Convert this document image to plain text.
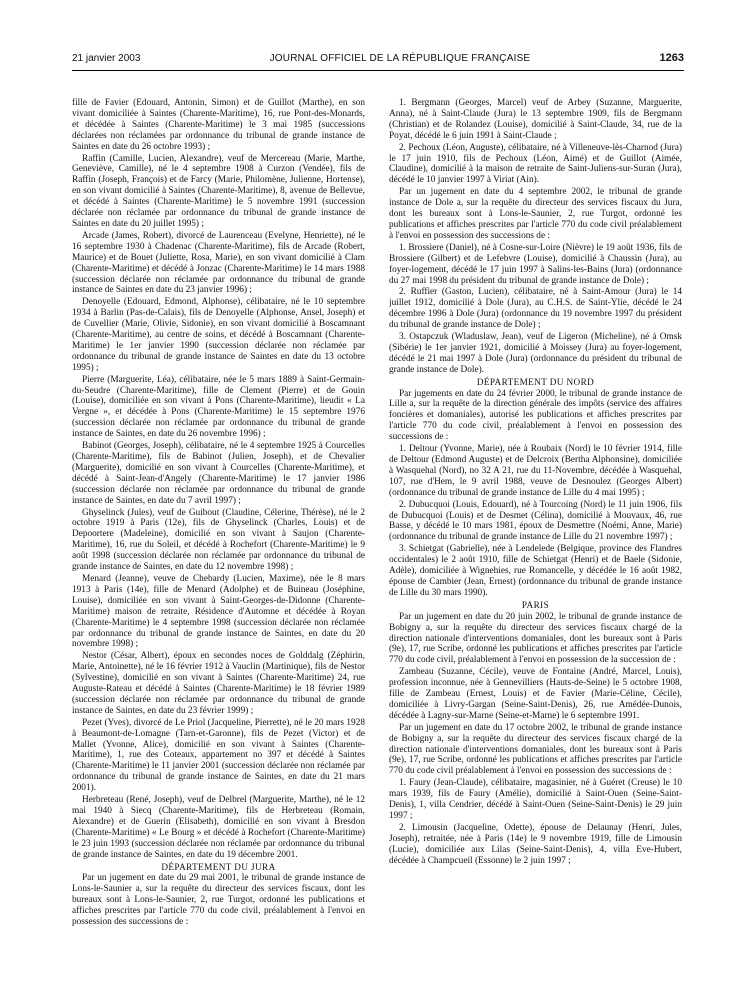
21 janvier 2003	JOURNAL OFFICIEL DE LA RÉPUBLIQUE FRANÇAISE	1263

fille de Favier (Edouard, Antonin, Simon) et de Guillot (Marthe), en son vivant domiciliée à Saintes (Charente-Maritime), 16, rue Pont-des-Monards, et décédée à Saintes (Charente-Maritime) le 3 mai 1985 (successions déclarées non réclamées par ordonnance du tribunal de grande instance de Saintes en date du 26 octobre 1993) ;

Raffin (Camille, Lucien, Alexandre), veuf de Mercereau (Marie, Marthe, Geneviève, Camille), né le 4 septembre 1908 à Curzon (Vendée), fils de Raffin (Joseph, François) et de Farcy (Marie, Philomène, Julienne, Hortense), en son vivant domicilié à Saintes (Charente-Maritime), 8, avenue de Bellevue, et décédé à Saintes (Charente-Maritime) le 5 novembre 1991 (succession déclarée non réclamée par ordonnance du tribunal de grande instance de Saintes en date du 20 juillet 1995) ;

Arcade (James, Robert), divorcé de Laurenceau (Evelyne, Henriette), né le 16 septembre 1930 à Chadenac (Charente-Maritime), fils de Arcade (Robert, Maurice) et de Bouet (Juliette, Rosa, Marie), en son vivant domicilié à Clam (Charente-Maritime) et décédé à Jonzac (Charente-Maritime) le 14 mars 1988 (succession déclarée non réclamée par ordonnance du tribunal de grande instance de Saintes en date du 23 janvier 1996) ;

Denoyelle (Edouard, Edmond, Alphonse), célibataire, né le 10 septembre 1934 à Barlin (Pas-de-Calais), fils de Denoyelle (Alphonse, Ansel, Joseph) et de Cuvellier (Marie, Olivie, Sidonie), en son vivant domicilié à Boscamnant (Charente-Maritime), au centre de soins, et décédé à Boscamnant (Charente-Maritime) le 1er janvier 1990 (succession déclarée non réclamée par ordonnance du tribunal de grande instance de Saintes en date du 13 octobre 1995) ;

Pierre (Marguerite, Léa), célibataire, née le 5 mars 1889 à Saint-Germain-du-Seudre (Charente-Maritime), fille de Clement (Pierre) et de Gouin (Louise), domiciliée en son vivant à Pons (Charente-Maritime), lieudit « La Vergne », et décédée à Pons (Charente-Maritime) le 15 septembre 1976 (succession déclarée non réclamée par ordonnance du tribunal de grande instance de Saintes, en date du 26 novembre 1996) ;

Babinot (Georges, Joseph), célibataire, né le 4 septembre 1925 à Courcelles (Charente-Maritime), fils de Babinot (Julien, Joseph), et de Chevalier (Marguerite), domicilié en son vivant à Courcelles (Charente-Maritime), et décédé à Saint-Jean-d'Angely (Charente-Maritime) le 17 janvier 1986 (succession déclarée non réclamée par ordonnance du tribunal de grande instance de Saintes, en date du 7 avril 1997) ;

Ghyselinck (Jules), veuf de Guibout (Claudine, Célerine, Thérèse), né le 2 octobre 1919 à Paris (12e), fils de Ghyselinck (Charles, Louis) et de Depoortere (Madeleine), domicilié en son vivant à Saujon (Charente-Maritime), 16, rue du Soleil, et décédé à Rochefort (Charente-Maritime) le 9 août 1998 (succession déclarée non réclamée par ordonnance du tribunal de grande instance de Saintes, en date du 12 novembre 1998) ;

Menard (Jeanne), veuve de Chebardy (Lucien, Maxime), née le 8 mars 1913 à Paris (14e), fille de Menard (Adolphe) et de Buineau (Joséphine, Louise), domiciliée en son vivant à Saint-Georges-de-Didonne (Charente-Maritime) maison de retraite, Résidence d'Automne et décédée à Royan (Charente-Maritime) le 4 septembre 1998 (succession déclarée non réclamée par ordonnance du tribunal de grande instance de Saintes, en date du 20 novembre 1998) ;

Nestor (César, Albert), époux en secondes noces de Golddalg (Zéphirin, Marie, Antoinette), né le 16 février 1912 à Vauclin (Martinique), fils de Nestor (Sylvestine), domicilié en son vivant à Saintes (Charente-Maritime) 24, rue Auguste-Rateau et décédé à Saintes (Charente-Maritime) le 18 février 1989 (succession déclarée non réclamée par ordonnance du tribunal de grande instance de Saintes, en date du 23 février 1999) ;

Pezet (Yves), divorcé de Le Priol (Jacqueline, Pierrette), né le 20 mars 1928 à Beaumont-de-Lomagne (Tarn-et-Garonne), fils de Pezet (Victor) et de Mallet (Yvonne, Alice), domicilié en son vivant à Saintes (Charente-Maritime), 1, rue des Coteaux, appartement no 397 et décédé à Saintes (Charente-Maritime) le 11 janvier 2001 (succession déclarée non réclamée par ordonnance du tribunal de grande instance de Saintes, en date du 21 mars 2001).

Herbreteau (René, Joseph), veuf de Delbrel (Marguerite, Marthe), né le 12 mai 1940 à Siecq (Charente-Maritime), fils de Herbreteau (Romain, Alexandre) et de Guerin (Elisabeth), domicilié en son vivant à Bresdon (Charente-Maritime) « Le Bourg » et décédé à Rochefort (Charente-Maritime) le 23 juin 1993 (succession déclarée non réclamée par ordonnance du tribunal de grande instance de Saintes, en date du 19 décembre 2001.

DÉPARTEMENT DU JURA

Par un jugement en date du 29 mai 2001, le tribunal de grande instance de Lons-le-Saunier a, sur la requête du directeur des services fiscaux, dont les bureaux sont à Lons-le-Saunier, 2, rue Turgot, ordonné les publications et affiches prescrites par l'article 770 du code civil, préalablement à l'envoi en possession des successions de :

1. Bergmann (Georges, Marcel) veuf de Arbey (Suzanne, Marguerite, Anna), né à Saint-Claude (Jura) le 13 septembre 1909, fils de Bergmann (Christian) et de Rolandez (Louise), domicilié à Saint-Claude, 34, rue de la Poyat, décédé le 6 juin 1991 à Saint-Claude ;

2. Pechoux (Léon, Auguste), célibataire, né à Villeneuve-lès-Charnod (Jura) le 17 juin 1910, fils de Pechoux (Léon, Aimé) et de Guillot (Aimée, Claudine), domicilié à la maison de retraite de Saint-Juliens-sur-Suran (Jura), décédé le 10 janvier 1997 à Viriat (Ain).

Par un jugement en date du 4 septembre 2002, le tribunal de grande instance de Dole a, sur la requête du directeur des services fiscaux du Jura, dont les bureaux sont à Lons-le-Saunier, 2, rue Turgot, ordonné les publications et affiches prescrites par l'article 770 du code civil préalablement à l'envoi en possession des successions de :

1. Brossiere (Daniel), né à Cosne-sur-Loire (Nièvre) le 19 août 1936, fils de Brossiere (Gilbert) et de Lefebvre (Louise), domicilié à Chaussin (Jura), au foyer-logement, décédé le 17 juin 1997 à Salins-les-Bains (Jura) (ordonnance du 27 mai 1998 du président du tribunal de grande instance de Dole) ;

2. Ruffier (Gaston, Lucien), célibataire, né à Saint-Amour (Jura) le 14 juillet 1912, domicilié à Dole (Jura), au C.H.S. de Saint-Ylie, décédé le 24 décembre 1996 à Dole (Jura) (ordonnance du 19 novembre 1997 du président du tribunal de grande instance de Dole) ;

3. Ostapczuk (Wladuslaw, Jean), veuf de Ligeron (Micheline), né à Omsk (Sibérie) le 1er janvier 1921, domicilié à Moissey (Jura) au foyer-logement, décédé le 21 mai 1997 à Dole (Jura) (ordonnance du président du tribunal de grande instance de Dole).

DÉPARTEMENT DU NORD

Par jugements en date du 24 février 2000, le tribunal de grande instance de Lille a, sur la requête de la direction générale des impôts (service des affaires foncières et domaniales), autorisé les publications et affiches prescrites par l'article 770 du code civil, préalablement à l'envoi en possession des successions de :

1. Deltour (Yvonne, Marie), née à Roubaix (Nord) le 10 février 1914, fille de Deltour (Edmond Auguste) et de Delcroix (Bertha Alphonsine), domiciliée à Wasquehal (Nord), no 32 A 21, rue du 11-Novembre, décédée à Wasquehal, 107, rue d'Hem, le 9 avril 1988, veuve de Desnoulez (Georges Albert) (ordonnance du tribunal de grande instance de Lille du 4 mai 1995) ;

2. Dubucquoi (Louis, Edouard), né à Tourcoing (Nord) le 11 juin 1906, fils de Dubucquoi (Louis) et de Desmet (Célina), domicilié à Mouvaux, 46, rue Basse, y décédé le 10 mars 1981, époux de Desmettre (Noémi, Anne, Marie) (ordonnance du tribunal de grande instance de Lille du 21 novembre 1997) ;

3. Schietgat (Gabrielle), née à Lendelede (Belgique, province des Flandres occidentales) le 2 août 1910, fille de Schietgat (Henri) et de Baele (Sidonie, Adèle), domiciliée à Wignehies, rue Romancelle, y décédée le 16 août 1982, épouse de Cambier (Jean, Ernest) (ordonnance du tribunal de grande instance de Lille du 30 mars 1990).

PARIS

Par un jugement en date du 20 juin 2002, le tribunal de grande instance de Bobigny a, sur la requête du directeur des services fiscaux chargé de la direction nationale d'interventions domaniales, dont les bureaux sont à Paris (9e), 17, rue Scribe, ordonné les publications et affiches prescrites par l'article 770 du code civil, préalablement à l'envoi en possession de la succession de :

Zambeau (Suzanne, Cécile), veuve de Fontaine (André, Marcel, Louis), profession inconnue, née à Gennevilliers (Hauts-de-Seine) le 5 octobre 1908, fille de Zambeau (Ernest, Louis) et de Favier (Marie-Céline, Cécile), domiciliée à Livry-Gargan (Seine-Saint-Denis), 26, rue Amédée-Dunois, décédée à Lagny-sur-Marne (Seine-et-Marne) le 6 septembre 1991.

Par un jugement en date du 17 octobre 2002, le tribunal de grande instance de Bobigny a, sur la requête du directeur des services fiscaux chargé de la direction nationale d'interventions domaniales, dont les bureaux sont à Paris (9e), 17, rue Scribe, ordonné les publications et affiches prescrites par l'article 770 du code civil préalablement à l'envoi en possession des successions de :

1. Faury (Jean-Claude), célibataire, magasinier, né à Guéret (Creuse) le 10 mars 1939, fils de Faury (Amélie), domicilié à Saint-Ouen (Seine-Saint-Denis), 1, villa Cendrier, décédé à Saint-Ouen (Seine-Saint-Denis) le 29 juin 1997 ;

2. Limousin (Jacqueline, Odette), épouse de Delaunay (Henri, Jules, Joseph), retraitée, née à Paris (14e) le 9 novembre 1919, fille de Limousin (Lucie), domiciliée aux Lilas (Seine-Saint-Denis), 4, villa Eve-Hubert, décédée à Champcueil (Essonne) le 2 juin 1997 ;
